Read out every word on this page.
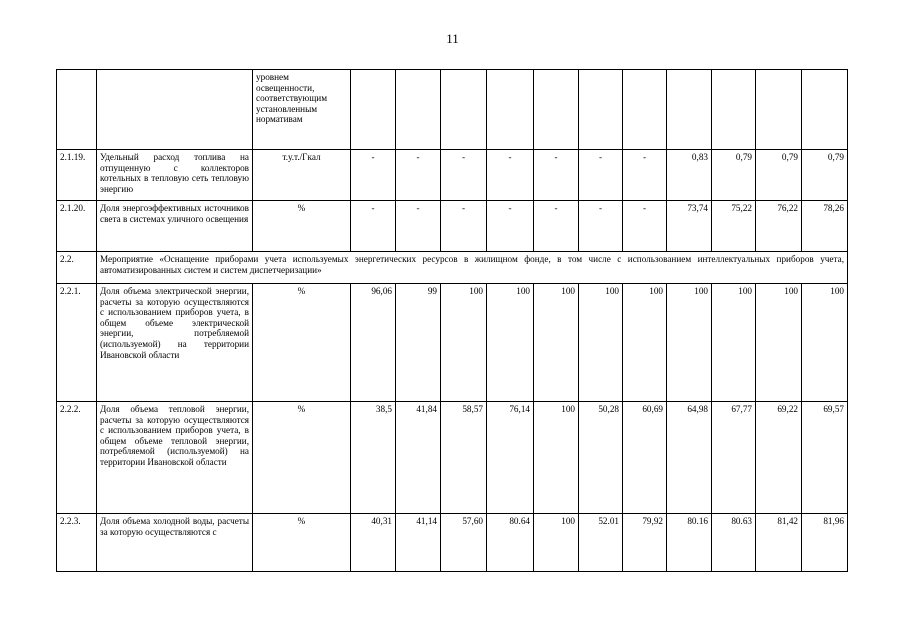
11
		уровнем освещенности, соответствующим установленным нормативам											
2.1.19.	Удельный расход топлива на отпущенную с коллекторов котельных в тепловую сеть тепловую энергию	т.у.т./Гкал	-	-	-	-	-	-	-	0,83	0,79	0,79	0,79
2.1.20.	Доля энергоэффективных источников света в системах уличного освещения	%	-	-	-	-	-	-	-	73,74	75,22	76,22	78,26
2.2.	Мероприятие «Оснащение приборами учета используемых энергетических ресурсов в жилищном фонде, в том числе с использованием интеллектуальных приборов учета, автоматизированных систем и систем диспетчеризации»												
2.2.1.	Доля объема электрической энергии, расчеты за которую осуществляются с использованием приборов учета, в общем объеме электрической энергии, потребляемой (используемой) на территории Ивановской области	%	96,06	99	100	100	100	100	100	100	100	100	100
2.2.2.	Доля объема тепловой энергии, расчеты за которую осуществляются с использованием приборов учета, в общем объеме тепловой энергии, потребляемой (используемой) на территории Ивановской области	%	38,5	41,84	58,57	76,14	100	50,28	60,69	64,98	67,77	69,22	69,57
2.2.3.	Доля объема холодной воды, расчеты за которую осуществляются с	%	40,31	41,14	57,60	80.64	100	52.01	79,92	80.16	80.63	81,42	81,96
